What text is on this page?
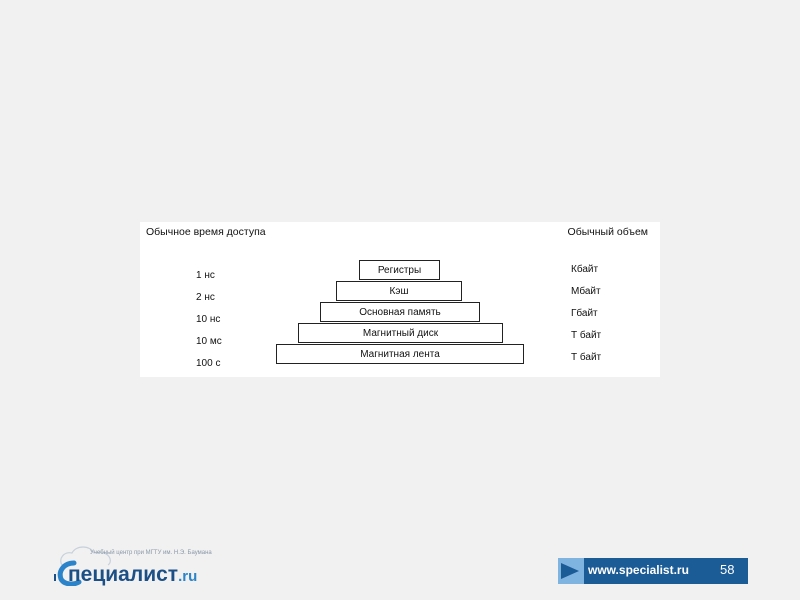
Обычное время доступа	Обычный объем
1 нс
2 нс
10 нс
10 мс
100 с
Регистры
Кэш
Основная память
Магнитный диск
Магнитная лента
Кбайт
Мбайт
Гбайт
Т байт
Т байт
Учебный центр при МГТУ им. Н.Э. Баумана
пециалист.ru	www.specialist.ru 58
